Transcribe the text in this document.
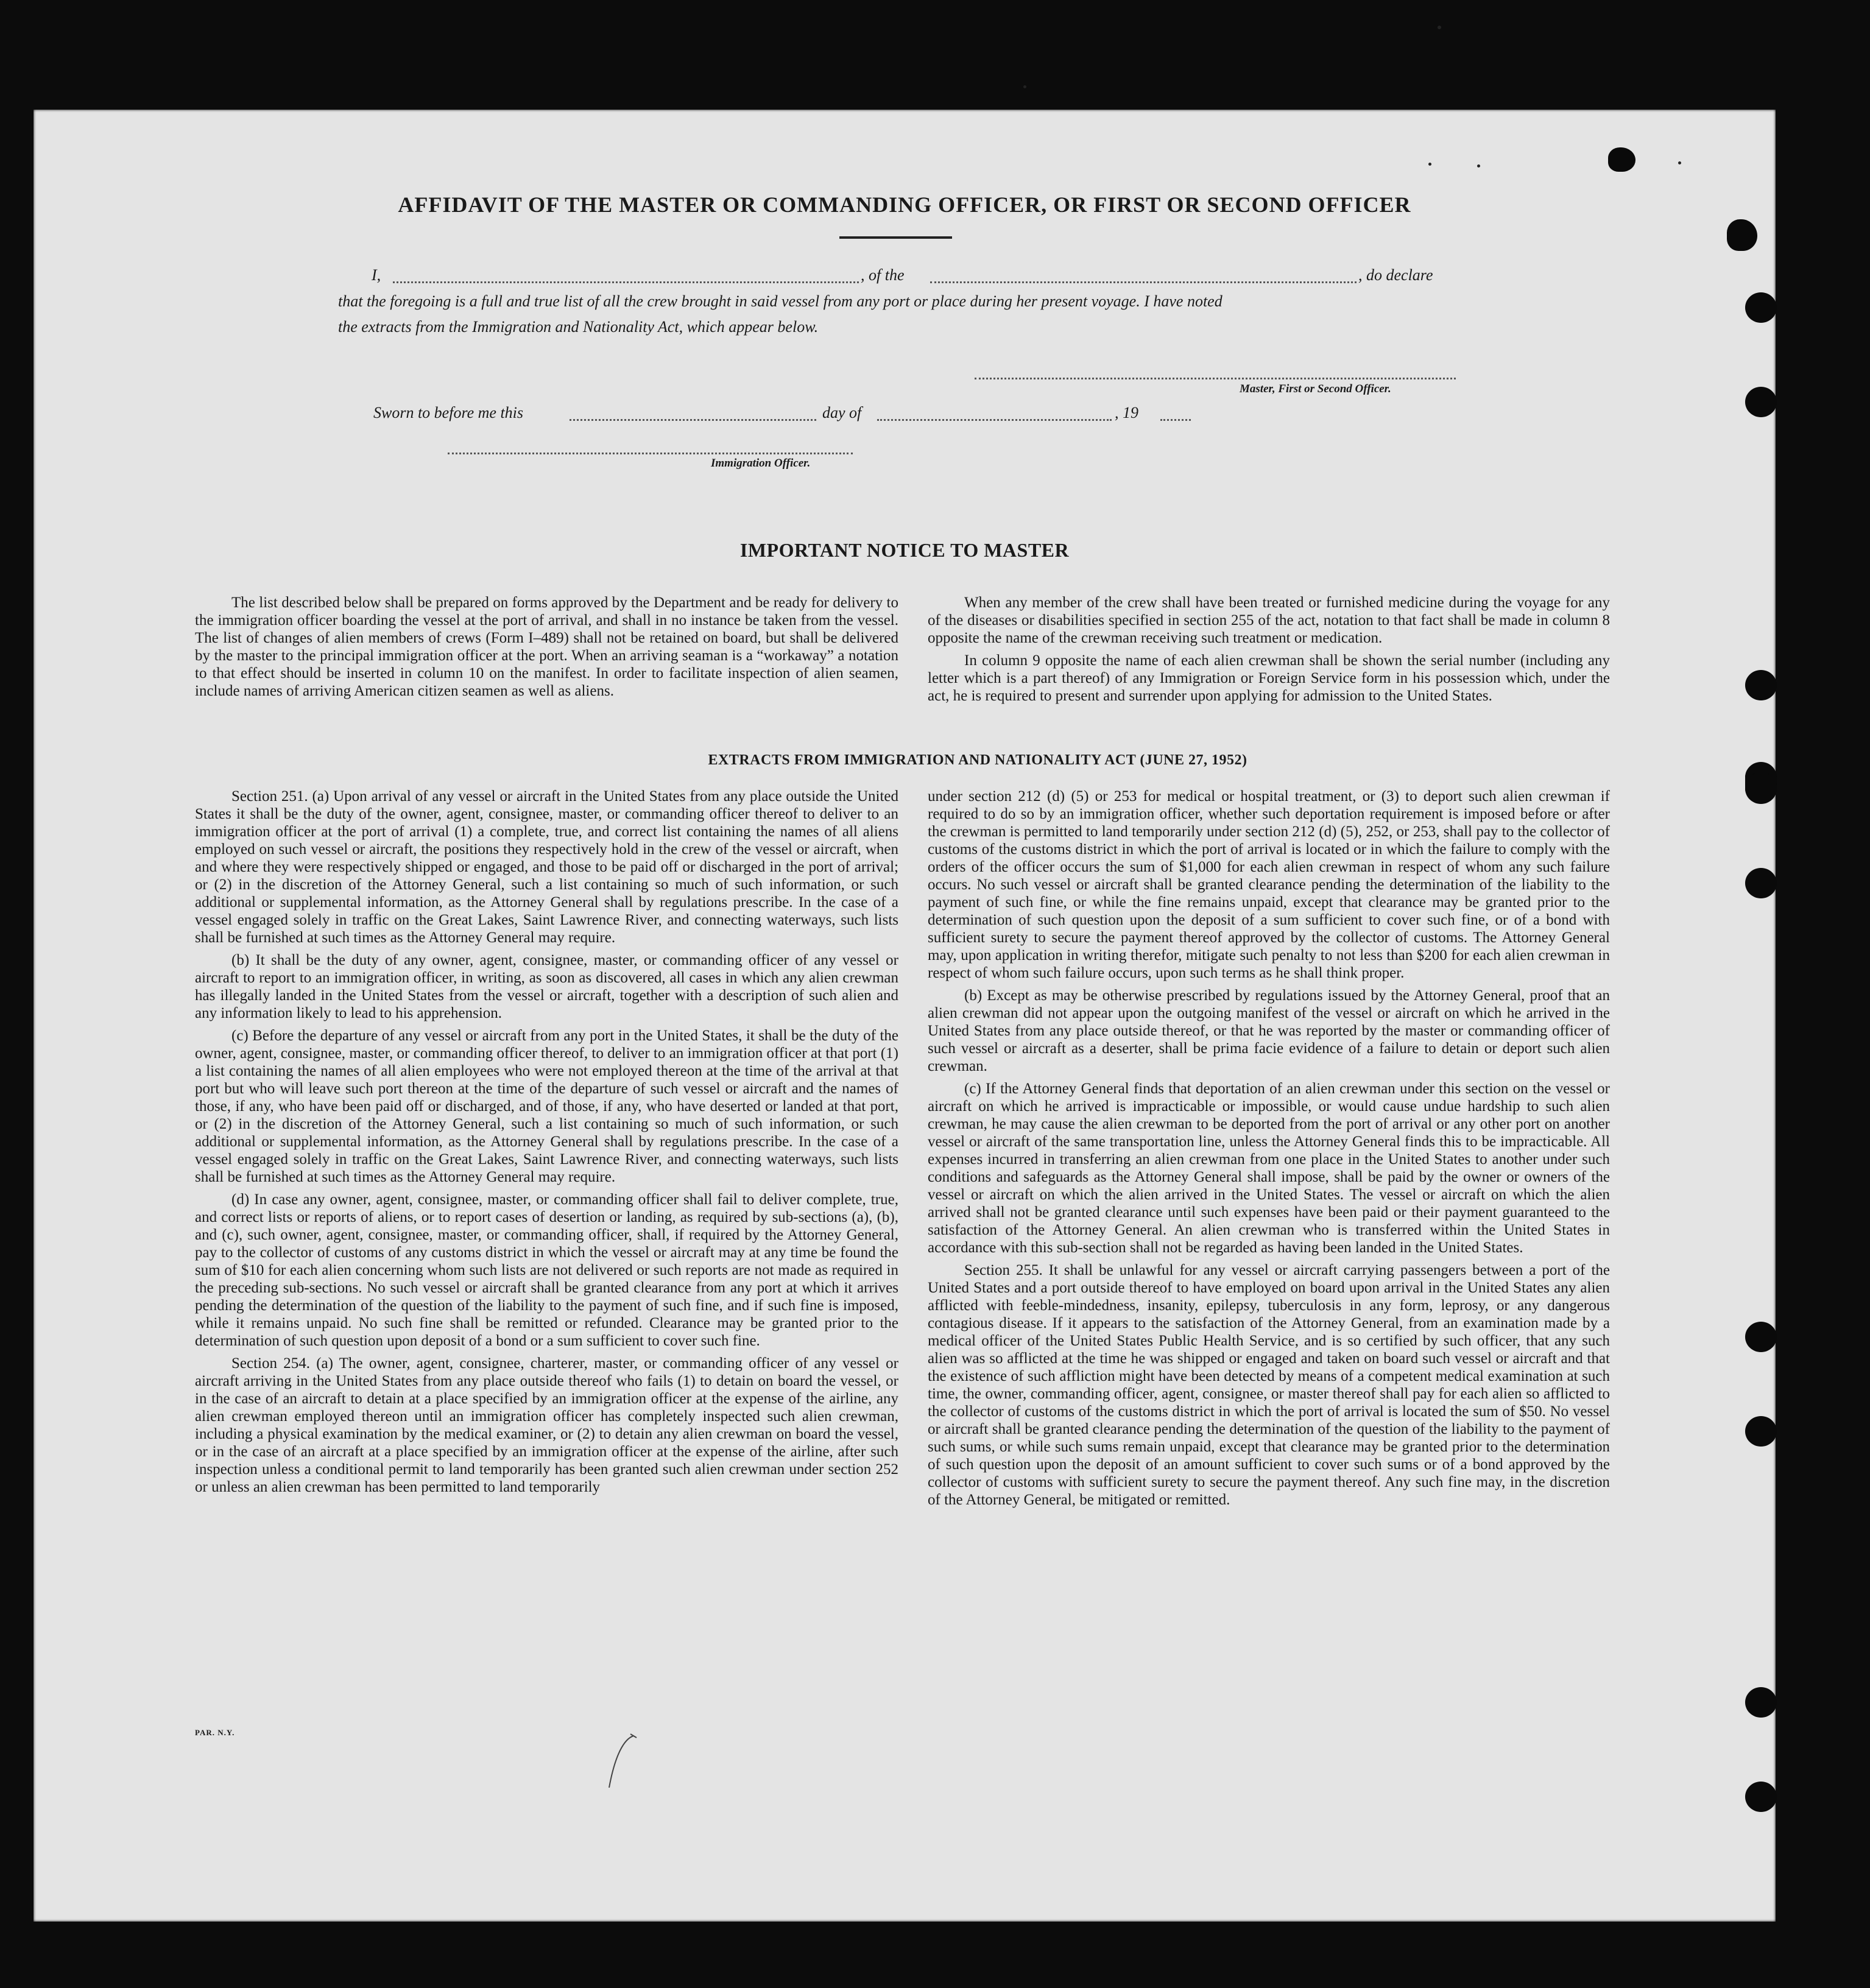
AFFIDAVIT OF THE MASTER OR COMMANDING OFFICER, OR FIRST OR SECOND OFFICER
I,	, of the	, do declare
that the foregoing is a full and true list of all the crew brought in said vessel from any port or place during her present voyage. I have noted
the extracts from the Immigration and Nationality Act, which appear below.
Master, First or Second Officer.
Sworn to before me this	day of	, 19
Immigration Officer.
IMPORTANT NOTICE TO MASTER

The list described below shall be prepared on forms approved by the Department and be ready for delivery to the immigration officer boarding the vessel at the port of arrival, and shall in no instance be taken from the vessel. The list of changes of alien members of crews (Form I–489) shall not be retained on board, but shall be delivered by the master to the principal immigration officer at the port. When an arriving seaman is a “workaway” a notation to that effect should be inserted in column 10 on the manifest. In order to facilitate inspection of alien seamen, include names of arriving American citizen seamen as well as aliens.

When any member of the crew shall have been treated or furnished medicine during the voyage for any of the diseases or disabilities specified in section 255 of the act, notation to that fact shall be made in column 8 opposite the name of the crewman receiving such treatment or medication.

In column 9 opposite the name of each alien crewman shall be shown the serial number (including any letter which is a part thereof) of any Immigration or Foreign Service form in his possession which, under the act, he is required to present and surrender upon applying for admission to the United States.

EXTRACTS FROM IMMIGRATION AND NATIONALITY ACT (JUNE 27, 1952)

Section 251. (a) Upon arrival of any vessel or aircraft in the United States from any place outside the United States it shall be the duty of the owner, agent, consignee, master, or commanding officer thereof to deliver to an immigration officer at the port of arrival (1) a complete, true, and correct list containing the names of all aliens employed on such vessel or aircraft, the positions they respectively hold in the crew of the vessel or aircraft, when and where they were respectively shipped or engaged, and those to be paid off or discharged in the port of arrival; or (2) in the discretion of the Attorney General, such a list containing so much of such information, or such additional or supplemental information, as the Attorney General shall by regulations prescribe. In the case of a vessel engaged solely in traffic on the Great Lakes, Saint Lawrence River, and connecting waterways, such lists shall be furnished at such times as the Attorney General may require.

(b) It shall be the duty of any owner, agent, consignee, master, or commanding officer of any vessel or aircraft to report to an immigration officer, in writing, as soon as discovered, all cases in which any alien crewman has illegally landed in the United States from the vessel or aircraft, together with a description of such alien and any information likely to lead to his apprehension.

(c) Before the departure of any vessel or aircraft from any port in the United States, it shall be the duty of the owner, agent, consignee, master, or commanding officer thereof, to deliver to an immigration officer at that port (1) a list containing the names of all alien employees who were not employed thereon at the time of the arrival at that port but who will leave such port thereon at the time of the departure of such vessel or aircraft and the names of those, if any, who have been paid off or discharged, and of those, if any, who have deserted or landed at that port, or (2) in the discretion of the Attorney General, such a list containing so much of such information, or such additional or supplemental information, as the Attorney General shall by regulations prescribe. In the case of a vessel engaged solely in traffic on the Great Lakes, Saint Lawrence River, and connecting waterways, such lists shall be furnished at such times as the Attorney General may require.

(d) In case any owner, agent, consignee, master, or commanding officer shall fail to deliver complete, true, and correct lists or reports of aliens, or to report cases of desertion or landing, as required by sub-sections (a), (b), and (c), such owner, agent, consignee, master, or commanding officer, shall, if required by the Attorney General, pay to the collector of customs of any customs district in which the vessel or aircraft may at any time be found the sum of $10 for each alien concerning whom such lists are not delivered or such reports are not made as required in the preceding sub-sections. No such vessel or aircraft shall be granted clearance from any port at which it arrives pending the determination of the question of the liability to the payment of such fine, and if such fine is imposed, while it remains unpaid. No such fine shall be remitted or refunded. Clearance may be granted prior to the determination of such question upon deposit of a bond or a sum sufficient to cover such fine.

Section 254. (a) The owner, agent, consignee, charterer, master, or commanding officer of any vessel or aircraft arriving in the United States from any place outside thereof who fails (1) to detain on board the vessel, or in the case of an aircraft to detain at a place specified by an immigration officer at the expense of the airline, any alien crewman employed thereon until an immigration officer has completely inspected such alien crewman, including a physical examination by the medical examiner, or (2) to detain any alien crewman on board the vessel, or in the case of an aircraft at a place specified by an immigration officer at the expense of the airline, after such inspection unless a conditional permit to land temporarily has been granted such alien crewman under section 252 or unless an alien crewman has been permitted to land temporarily

under section 212 (d) (5) or 253 for medical or hospital treatment, or (3) to deport such alien crewman if required to do so by an immigration officer, whether such deportation requirement is imposed before or after the crewman is permitted to land temporarily under section 212 (d) (5), 252, or 253, shall pay to the collector of customs of the customs district in which the port of arrival is located or in which the failure to comply with the orders of the officer occurs the sum of $1,000 for each alien crewman in respect of whom any such failure occurs. No such vessel or aircraft shall be granted clearance pending the determination of the liability to the payment of such fine, or while the fine remains unpaid, except that clearance may be granted prior to the determination of such question upon the deposit of a sum sufficient to cover such fine, or of a bond with sufficient surety to secure the payment thereof approved by the collector of customs. The Attorney General may, upon application in writing therefor, mitigate such penalty to not less than $200 for each alien crewman in respect of whom such failure occurs, upon such terms as he shall think proper.

(b) Except as may be otherwise prescribed by regulations issued by the Attorney General, proof that an alien crewman did not appear upon the outgoing manifest of the vessel or aircraft on which he arrived in the United States from any place outside thereof, or that he was reported by the master or commanding officer of such vessel or aircraft as a deserter, shall be prima facie evidence of a failure to detain or deport such alien crewman.

(c) If the Attorney General finds that deportation of an alien crewman under this section on the vessel or aircraft on which he arrived is impracticable or impossible, or would cause undue hardship to such alien crewman, he may cause the alien crewman to be deported from the port of arrival or any other port on another vessel or aircraft of the same transportation line, unless the Attorney General finds this to be impracticable. All expenses incurred in transferring an alien crewman from one place in the United States to another under such conditions and safeguards as the Attorney General shall impose, shall be paid by the owner or owners of the vessel or aircraft on which the alien arrived in the United States. The vessel or aircraft on which the alien arrived shall not be granted clearance until such expenses have been paid or their payment guaranteed to the satisfaction of the Attorney General. An alien crewman who is transferred within the United States in accordance with this sub-section shall not be regarded as having been landed in the United States.

Section 255. It shall be unlawful for any vessel or aircraft carrying passengers between a port of the United States and a port outside thereof to have employed on board upon arrival in the United States any alien afflicted with feeble-mindedness, insanity, epilepsy, tuberculosis in any form, leprosy, or any dangerous contagious disease. If it appears to the satisfaction of the Attorney General, from an examination made by a medical officer of the United States Public Health Service, and is so certified by such officer, that any such alien was so afflicted at the time he was shipped or engaged and taken on board such vessel or aircraft and that the existence of such affliction might have been detected by means of a competent medical examination at such time, the owner, commanding officer, agent, consignee, or master thereof shall pay for each alien so afflicted to the collector of customs of the customs district in which the port of arrival is located the sum of $50. No vessel or aircraft shall be granted clearance pending the determination of the question of the liability to the payment of such sums, or while such sums remain unpaid, except that clearance may be granted prior to the determination of such question upon the deposit of an amount sufficient to cover such sums or of a bond approved by the collector of customs with sufficient surety to secure the payment thereof. Any such fine may, in the discretion of the Attorney General, be mitigated or remitted.

PAR. N.Y.
